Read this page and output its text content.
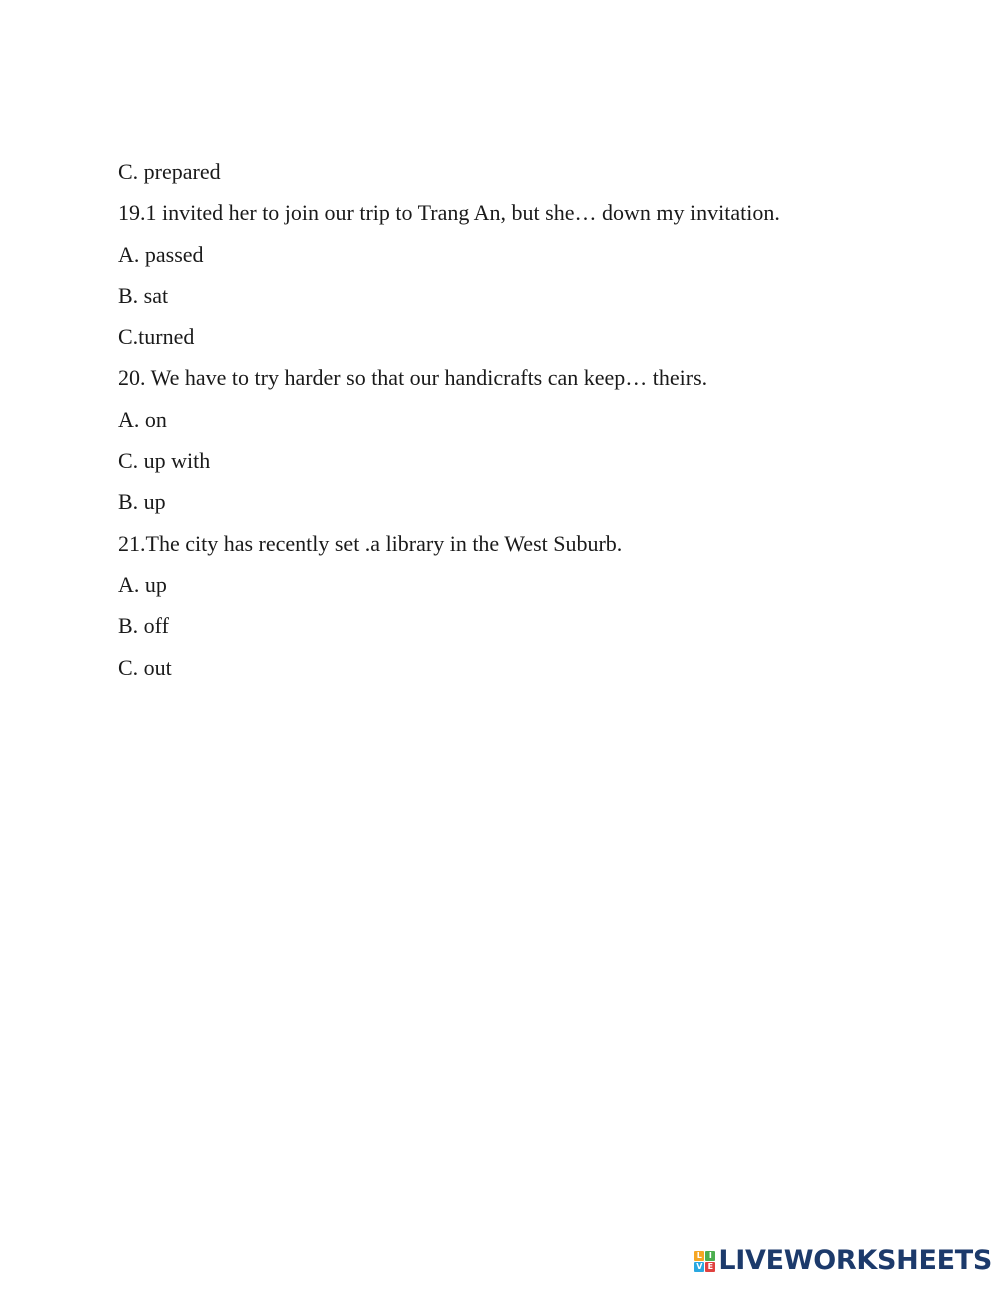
C. prepared
19.1 invited her to join our trip to Trang An, but she… down my invitation.
A. passed
B. sat
C.turned
20. We have to try harder so that our handicrafts can keep… theirs.
A. on
C. up with
B. up
21.The city has recently set .a library in the West Suburb.
A. up
B. off
C. out
L I
V E LIVEWORKSHEETS
